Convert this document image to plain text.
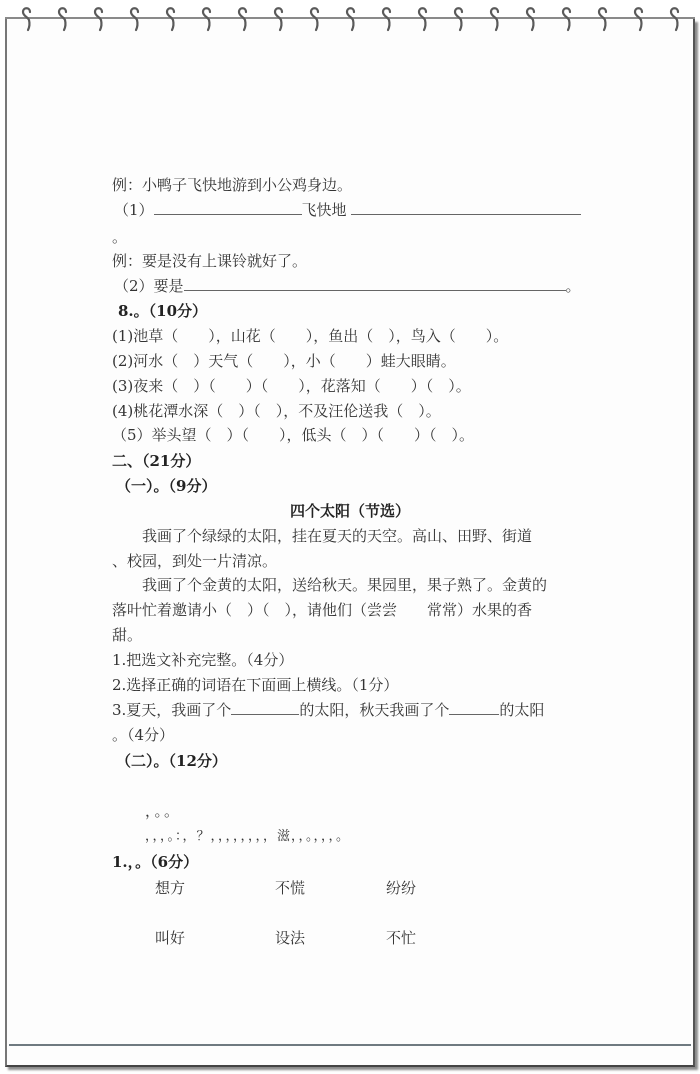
例：小鸭子飞快地游到小公鸡身边。
（1）	飞快地
。
例：要是没有上课铃就好了。
（2）要是	。
8.。（10分）
(1)池草（　　），山花（　　），鱼出（　），鸟入（　　）。
(2)河水（　）天气（　　），小（　　）蛙大眼睛。
(3)夜来（　）（　　）（　　），花落知（　　）（　）。
(4)桃花潭水深（　）（　），不及汪伦送我（　）。
（5）举头望（　）（　　），低头（　）（　　）（　）。
二、（21分）
（一）。（9分）
四个太阳（节选）
　　我画了个绿绿的太阳，挂在夏天的天空。高山、田野、街道
、校园，到处一片清凉。
　　我画了个金黄的太阳，送给秋天。果园里，果子熟了。金黄的
落叶忙着邀请小（　）（　），请他们（尝尝　　常常）水果的香
甜。
1.把选文补充完整。（4分）
2.选择正确的词语在下面画上横线。（1分）
3.夏天，我画了个	的太阳，秋天我画了个	的太阳
。（4分）
（二）。（12分）
，。。
，，，。：，？，，，，，，，，滋，，。，，，。
1.，。（6分）
想方	不慌	纷纷
叫好	设法	不忙
